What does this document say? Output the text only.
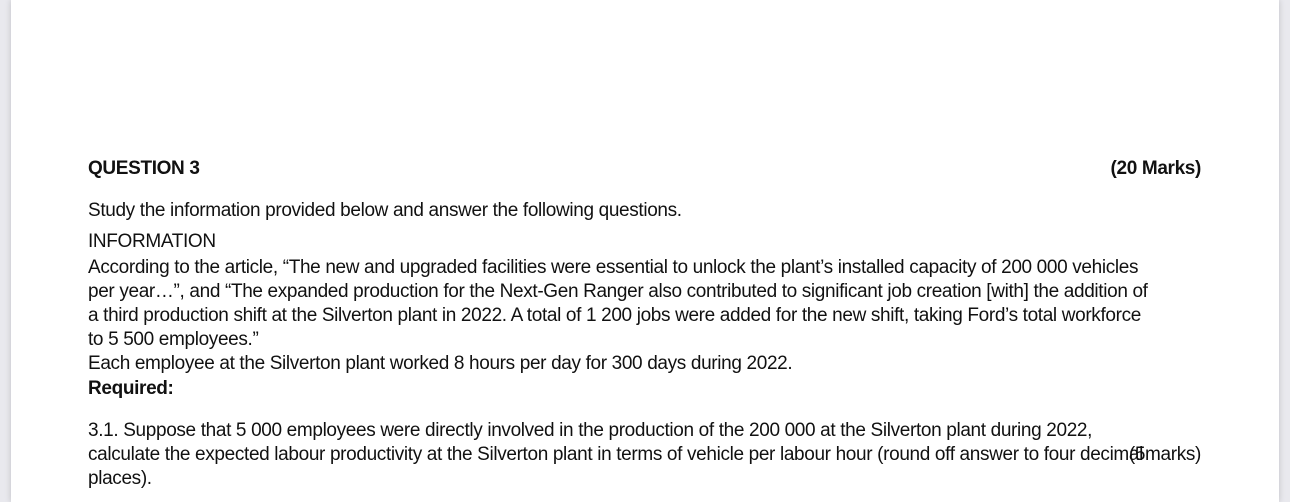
QUESTION 3	(20 Marks)
Study the information provided below and answer the following questions.
INFORMATION
According to the article, “The new and upgraded facilities were essential to unlock the plant’s installed capacity of 200 000 vehicles
per year…”, and “The expanded production for the Next-Gen Ranger also contributed to significant job creation [with] the addition of
a third production shift at the Silverton plant in 2022. A total of 1 200 jobs were added for the new shift, taking Ford’s total workforce
to 5 500 employees.”
Each employee at the Silverton plant worked 8 hours per day for 300 days during 2022.
Required:
3.1. Suppose that 5 000 employees were directly involved in the production of the 200 000 at the Silverton plant during 2022,
calculate the expected labour productivity at the Silverton plant in terms of vehicle per labour hour (round off answer to four decimal
(5marks)
places).
